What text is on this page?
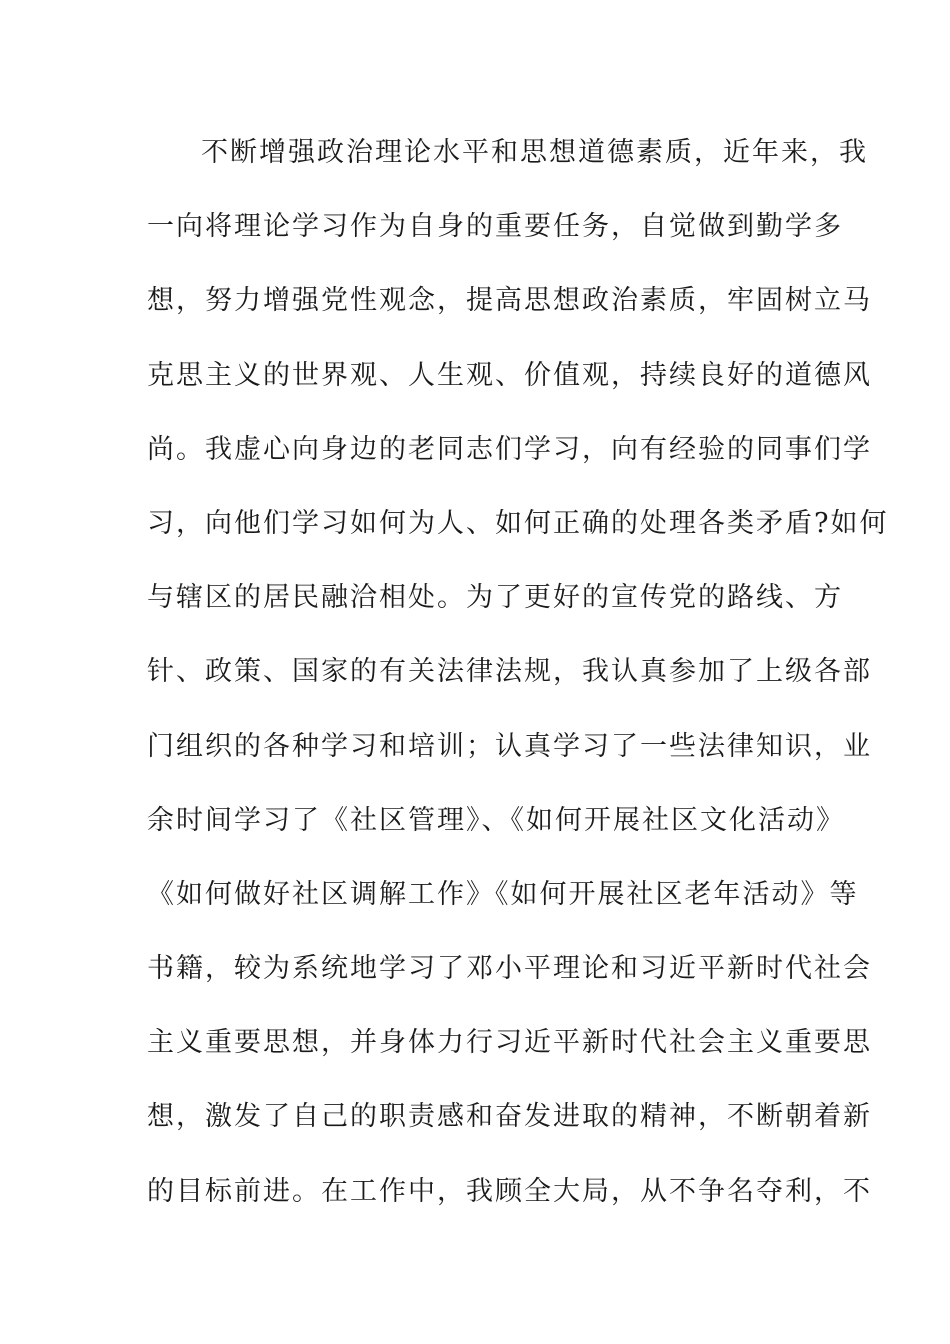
不断增强政治理论水平和思想道德素质，近年来，我
一向将理论学习作为自身的重要任务，自觉做到勤学多
想，努力增强党性观念，提高思想政治素质，牢固树立马
克思主义的世界观、人生观、价值观，持续良好的道德风
尚。我虚心向身边的老同志们学习，向有经验的同事们学
习，向他们学习如何为人、如何正确的处理各类矛盾?如何
与辖区的居民融洽相处。为了更好的宣传党的路线、方
针、政策、国家的有关法律法规，我认真参加了上级各部
门组织的各种学习和培训；认真学习了一些法律知识，业
余时间学习了《社区管理》、《如何开展社区文化活动》
《如何做好社区调解工作》《如何开展社区老年活动》等
书籍，较为系统地学习了邓小平理论和习近平新时代社会
主义重要思想，并身体力行习近平新时代社会主义重要思
想，激发了自己的职责感和奋发进取的精神，不断朝着新
的目标前进。在工作中，我顾全大局，从不争名夺利，不
